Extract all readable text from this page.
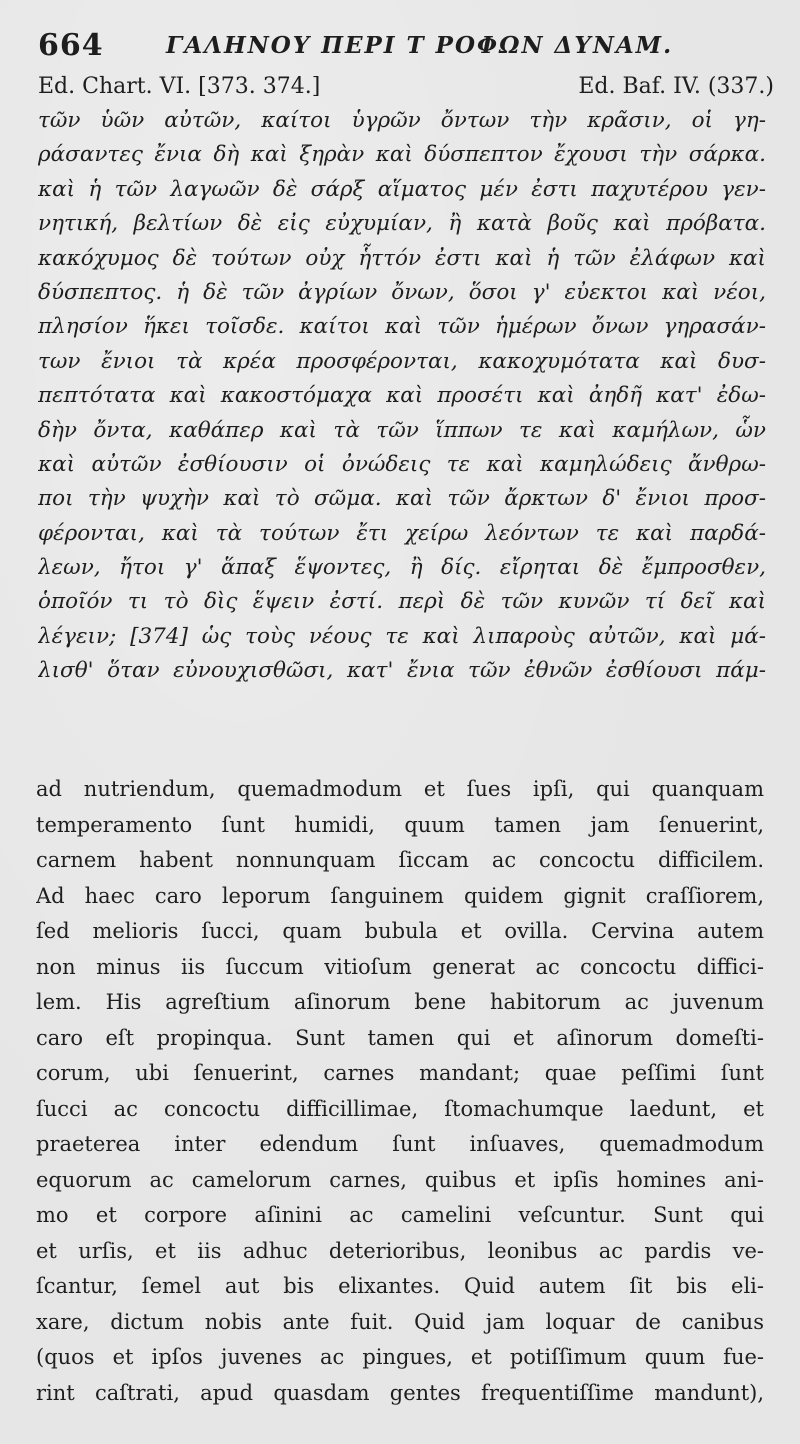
664	ΓΑΛΗΝΟΥ ΠΕΡΙ Τ ΡΟΦΩΝ ΔΥΝΑΜ.
Ed. Chart. VI. [373. 374.]	Ed. Baf. IV. (337.)
τῶν ὑῶν αὐτῶν, καίτοι ὑγρῶν ὄντων τὴν κρᾶσιν, οἱ γη-
ράσαντες ἔνια δὴ καὶ ξηρὰν καὶ δύσπεπτον ἔχουσι τὴν σάρκα.
καὶ ἡ τῶν λαγωῶν δὲ σάρξ αἵματος μέν ἐστι παχυτέρου γεν-
νητική, βελτίων δὲ εἰς εὐχυμίαν, ἢ κατὰ βοῦς καὶ πρόβατα.
κακόχυμος δὲ τούτων οὐχ ἧττόν ἐστι καὶ ἡ τῶν ἐλάφων καὶ
δύσπεπτος. ἡ δὲ τῶν ἀγρίων ὄνων, ὅσοι γ' εὐεκτοι καὶ νέοι,
πλησίον ἥκει τοῖσδε. καίτοι καὶ τῶν ἡμέρων ὄνων γηρασάν-
των ἔνιοι τὰ κρέα προσφέρονται, κακοχυμότατα καὶ δυσ-
πεπτότατα καὶ κακοστόμαχα καὶ προσέτι καὶ ἀηδῆ κατ' ἐδω-
δὴν ὄντα, καθάπερ καὶ τὰ τῶν ἵππων τε καὶ καμήλων, ὧν
καὶ αὐτῶν ἐσθίουσιν οἱ ὀνώδεις τε καὶ καμηλώδεις ἄνθρω-
ποι τὴν ψυχὴν καὶ τὸ σῶμα. καὶ τῶν ἄρκτων δ' ἔνιοι προσ-
φέρονται, καὶ τὰ τούτων ἔτι χείρω λεόντων τε καὶ παρδά-
λεων, ἤτοι γ' ἅπαξ ἕψοντες, ἢ δίς. εἴρηται δὲ ἔμπροσθεν,
ὁποῖόν τι τὸ δὶς ἕψειν ἐστί. περὶ δὲ τῶν κυνῶν τί δεῖ καὶ
λέγειν; [374] ὡς τοὺς νέους τε καὶ λιπαροὺς αὐτῶν, καὶ μά-
λισθ' ὅταν εὐνουχισθῶσι, κατ' ἔνια τῶν ἐθνῶν ἐσθίουσι πάμ-
ad nutriendum, quemadmodum et ſues ipſi, qui quanquam
temperamento ſunt humidi, quum tamen jam ſenuerint,
carnem habent nonnunquam ſiccam ac concoctu difficilem.
Ad haec caro leporum ſanguinem quidem gignit craſſiorem,
ſed melioris ſucci, quam bubula et ovilla. Cervina autem
non minus iis ſuccum vitioſum generat ac concoctu diffici-
lem. His agreſtium aſinorum bene habitorum ac juvenum
caro eſt propinqua. Sunt tamen qui et aſinorum domeſti-
corum, ubi ſenuerint, carnes mandant; quae peſſimi ſunt
ſucci ac concoctu difficillimae, ſtomachumque laedunt, et
praeterea inter edendum ſunt inſuaves, quemadmodum
equorum ac camelorum carnes, quibus et ipſis homines ani-
mo et corpore aſinini ac camelini veſcuntur. Sunt qui
et urſis, et iis adhuc deterioribus, leonibus ac pardis ve-
ſcantur, ſemel aut bis elixantes. Quid autem ſit bis eli-
xare, dictum nobis ante fuit. Quid jam loquar de canibus
(quos et ipſos juvenes ac pingues, et potiſſimum quum fue-
rint caſtrati, apud quasdam gentes frequentiſſime mandunt),
